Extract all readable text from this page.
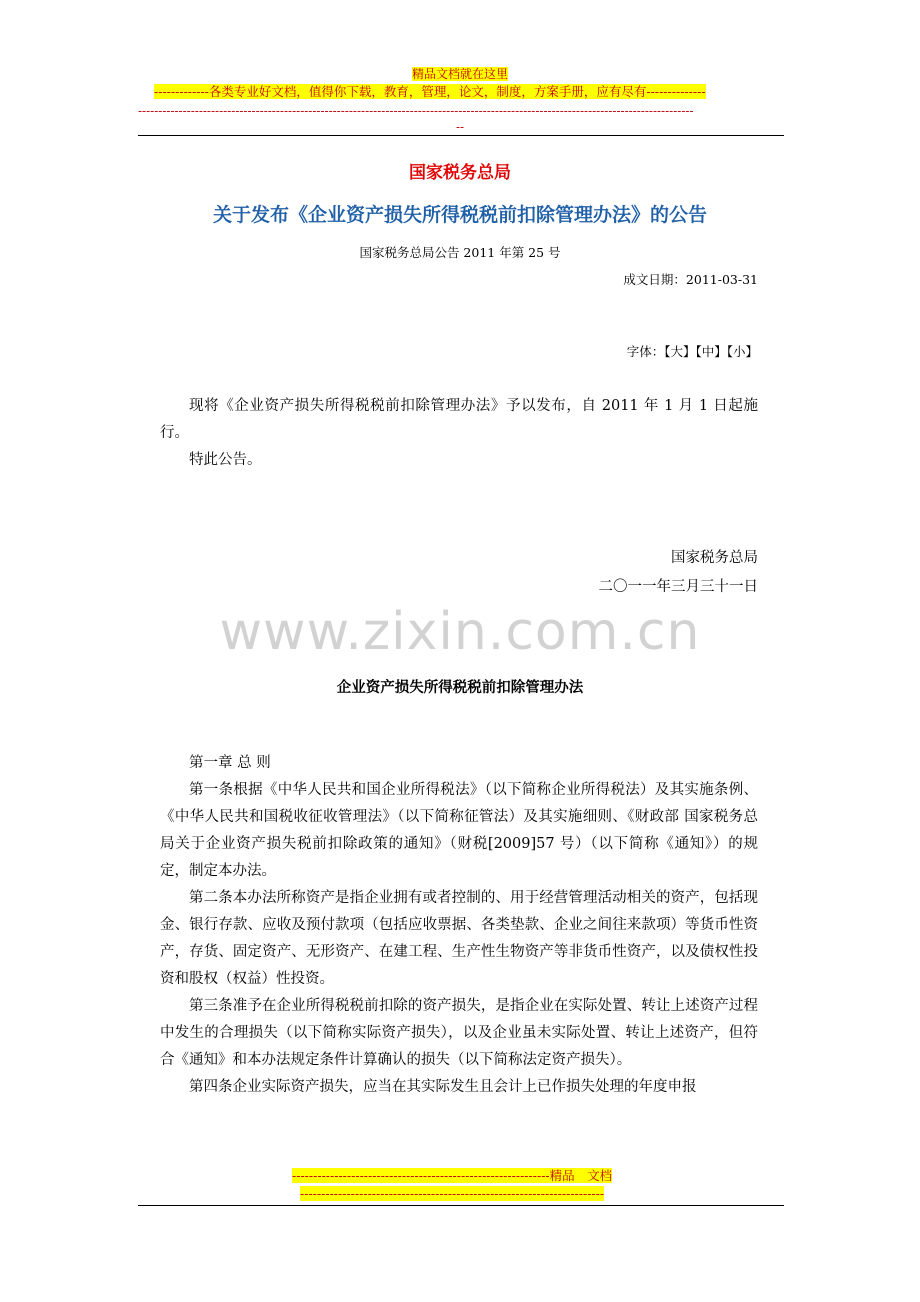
精品文档就在这里
-------------各类专业好文档，值得你下载，教育，管理，论文，制度，方案手册，应有尽有--------------
-----------------------------------------------------------------------------------------------------------------------------------------
--
国家税务总局
关于发布《企业资产损失所得税税前扣除管理办法》的公告
国家税务总局公告 2011 年第 25 号
成文日期：2011-03-31
字体：【大】【中】【小】

现将《企业资产损失所得税税前扣除管理办法》予以发布，自 2011 年 1 月 1 日起施行。

特此公告。

国家税务总局
二〇一一年三月三十一日
www.zixin.com.cn
企业资产损失所得税税前扣除管理办法

第一章 总 则

第一条根据《中华人民共和国企业所得税法》（以下简称企业所得税法）及其实施条例、《中华人民共和国税收征收管理法》（以下简称征管法）及其实施细则、《财政部 国家税务总局关于企业资产损失税前扣除政策的通知》（财税[2009]57 号）（以下简称《通知》）的规定，制定本办法。

第二条本办法所称资产是指企业拥有或者控制的、用于经营管理活动相关的资产，包括现金、银行存款、应收及预付款项（包括应收票据、各类垫款、企业之间往来款项）等货币性资产，存货、固定资产、无形资产、在建工程、生产性生物资产等非货币性资产，以及债权性投资和股权（权益）性投资。

第三条准予在企业所得税税前扣除的资产损失，是指企业在实际处置、转让上述资产过程中发生的合理损失（以下简称实际资产损失），以及企业虽未实际处置、转让上述资产，但符合《通知》和本办法规定条件计算确认的损失（以下简称法定资产损失）。

第四条企业实际资产损失，应当在其实际发生且会计上已作损失处理的年度申报

-------------------------------------------------------------精品　文档
------------------------------------------------------------------------
